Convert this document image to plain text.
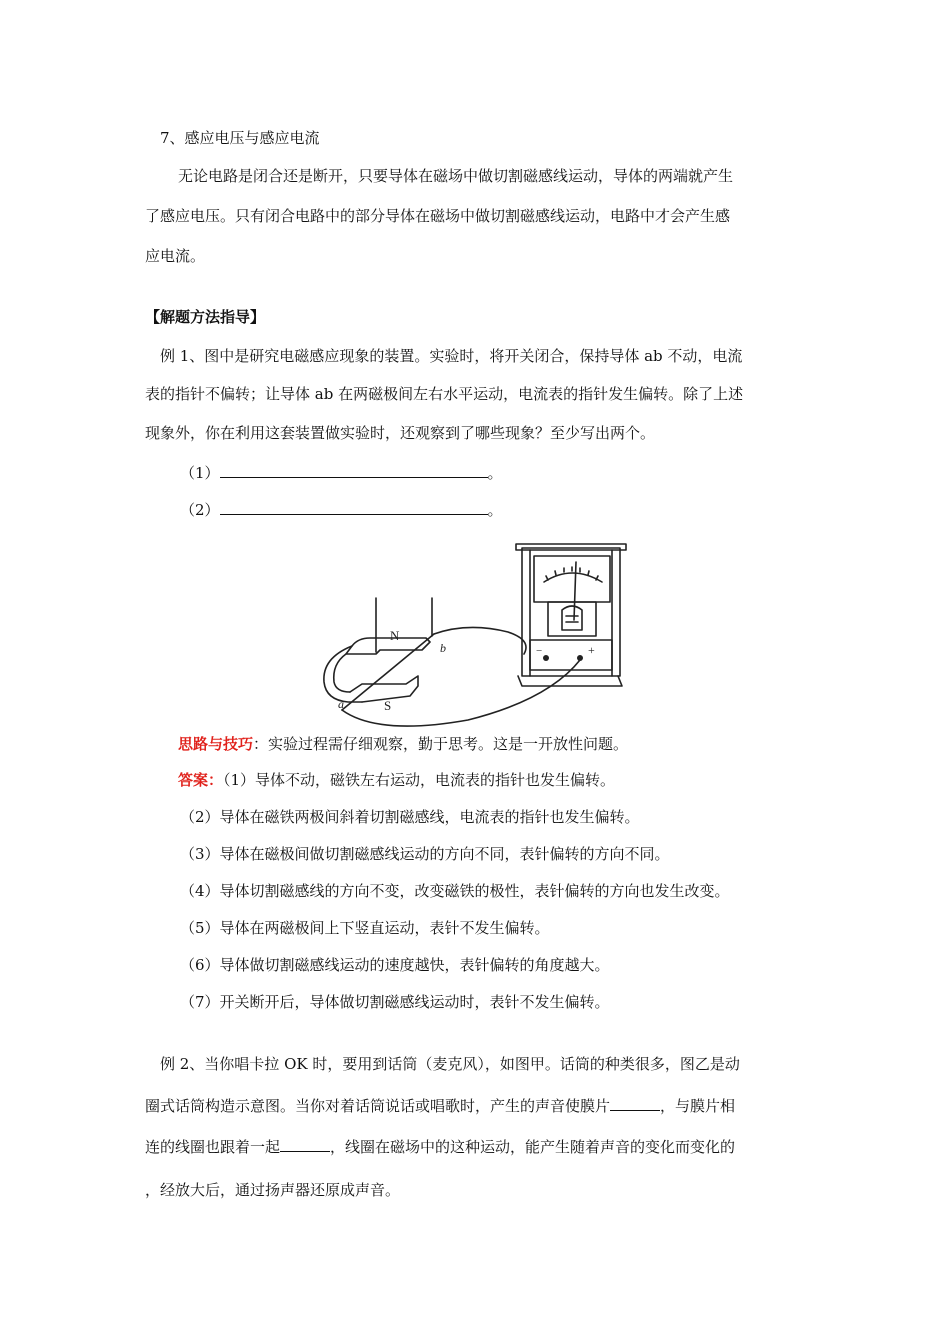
7、感应电压与感应电流
无论电路是闭合还是断开，只要导体在磁场中做切割磁感线运动，导体的两端就产生
了感应电压。只有闭合电路中的部分导体在磁场中做切割磁感线运动，电路中才会产生感
应电流。
【解题方法指导】
例 1、图中是研究电磁感应现象的装置。实验时，将开关闭合，保持导体 ab 不动，电流
表的指针不偏转；让导体 ab 在两磁极间左右水平运动，电流表的指针发生偏转。除了上述
现象外，你在利用这套装置做实验时，还观察到了哪些现象？至少写出两个。
（1）	。
（2）	。
N
S
a
b	−	+
思路与技巧：实验过程需仔细观察，勤于思考。这是一开放性问题。
答案：（1）导体不动，磁铁左右运动，电流表的指针也发生偏转。
（2）导体在磁铁两极间斜着切割磁感线，电流表的指针也发生偏转。
（3）导体在磁极间做切割磁感线运动的方向不同，表针偏转的方向不同。
（4）导体切割磁感线的方向不变，改变磁铁的极性，表针偏转的方向也发生改变。
（5）导体在两磁极间上下竖直运动，表针不发生偏转。
（6）导体做切割磁感线运动的速度越快，表针偏转的角度越大。
（7）开关断开后，导体做切割磁感线运动时，表针不发生偏转。
例 2、当你唱卡拉 OK 时，要用到话筒（麦克风），如图甲。话筒的种类很多，图乙是动
圈式话筒构造示意图。当你对着话筒说话或唱歌时，产生的声音使膜片	，与膜片相
连的线圈也跟着一起	，线圈在磁场中的这种运动，能产生随着声音的变化而变化的
，经放大后，通过扬声器还原成声音。
